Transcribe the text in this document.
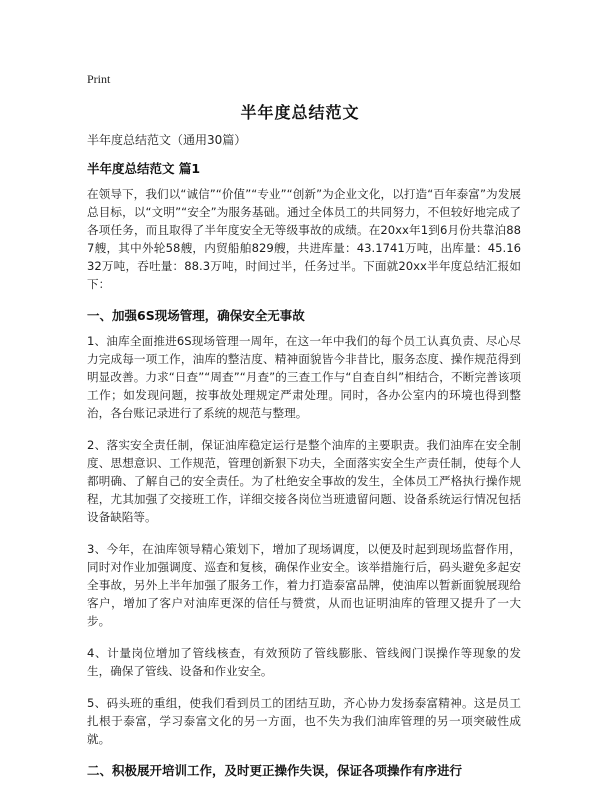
Print
半年度总结范文

半年度总结范文（通用30篇）

半年度总结范文 篇1

在领导下，我们以“诚信”“价值”“专业”“创新”为企业文化，以打造“百年泰富”为发展总目标，以“文明”“安全”为服务基础。通过全体员工的共同努力，不但较好地完成了各项任务，而且取得了半年度安全无等级事故的成绩。在20xx年1到6月份共靠泊887艘，其中外轮58艘，内贸船舶829艘，共进库量：43.1741万吨，出库量：45.1632万吨，吞吐量：88.3万吨，时间过半，任务过半。下面就20xx半年度总结汇报如下：

一、加强6S现场管理，确保安全无事故

1、油库全面推进6S现场管理一周年，在这一年中我们的每个员工认真负责、尽心尽力完成每一项工作，油库的整洁度、精神面貌皆今非昔比，服务态度、操作规范得到明显改善。力求“日查”“周查”“月查”的三查工作与“自查自纠”相结合，不断完善该项工作；如发现问题，按事故处理规定严肃处理。同时，各办公室内的环境也得到整治，各台账记录进行了系统的规范与整理。

2、落实安全责任制，保证油库稳定运行是整个油库的主要职责。我们油库在安全制度、思想意识、工作规范，管理创新狠下功夫，全面落实安全生产责任制，使每个人都明确、了解自己的安全责任。为了杜绝安全事故的发生，全体员工严格执行操作规程，尤其加强了交接班工作，详细交接各岗位当班遗留问题、设备系统运行情况包括设备缺陷等。

3、今年，在油库领导精心策划下，增加了现场调度，以便及时起到现场监督作用，同时对作业加强调度、巡查和复核，确保作业安全。该举措施行后，码头避免多起安全事故，另外上半年加强了服务工作，着力打造泰富品牌，使油库以暂新面貌展现给客户，增加了客户对油库更深的信任与赞赏，从而也证明油库的管理又提升了一大步。

4、计量岗位增加了管线核查，有效预防了管线膨胀、管线阀门误操作等现象的发生，确保了管线、设备和作业安全。

5、码头班的重组，使我们看到员工的团结互助，齐心协力发扬泰富精神。这是员工扎根于泰富，学习泰富文化的另一方面，也不失为我们油库管理的另一项突破性成就。

二、积极展开培训工作，及时更正操作失误，保证各项操作有序进行
